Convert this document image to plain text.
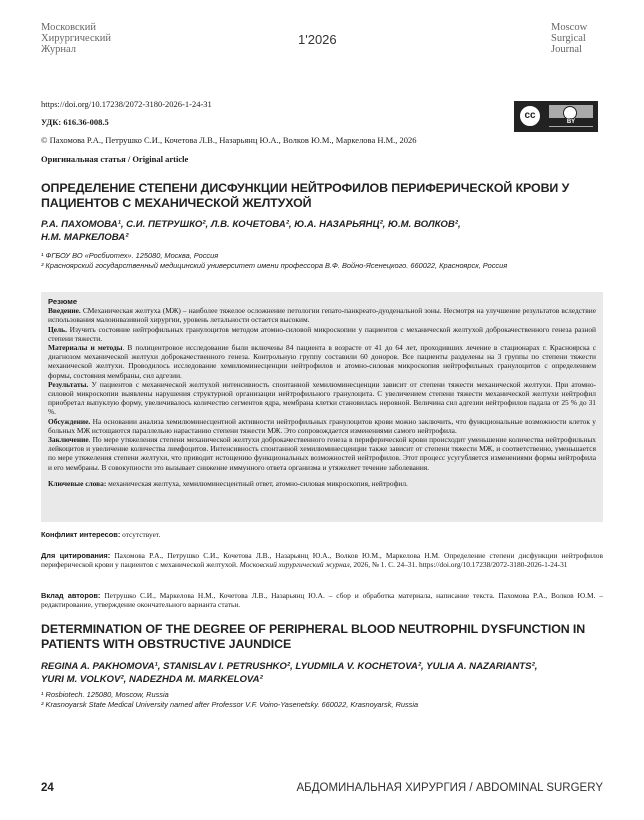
Московский
Хирургический
Журнал
1'2026
Moscow
Surgical
Journal
https://doi.org/10.17238/2072-3180-2026-1-24-31
УДК: 616.36-008.5
© Пахомова Р.А., Петрушко С.И., Кочетова Л.В., Назарьянц Ю.А., Волков Ю.М., Маркелова Н.М., 2026
Оригинальная статья / Original article
cc
BY
ОПРЕДЕЛЕНИЕ СТЕПЕНИ ДИСФУНКЦИИ НЕЙТРОФИЛОВ ПЕРИФЕРИЧЕСКОЙ КРОВИ У ПАЦИЕНТОВ С МЕХАНИЧЕСКОЙ ЖЕЛТУХОЙ
Р.А. ПАХОМОВА¹, С.И. ПЕТРУШКО², Л.В. КОЧЕТОВА², Ю.А. НАЗАРЬЯНЦ², Ю.М. ВОЛКОВ²,
Н.М. МАРКЕЛОВА²
¹ ФГБОУ ВО «Росбиотех». 125080, Москва, Россия
² Красноярский государственный медицинский университет имени профессора В.Ф. Войно-Ясенецкого. 660022, Красноярск, Россия

Резюме

Введение. СМеханическая желтуха (МЖ) – наиболее тяжелое осложнение петологии гепато-панкреато-дуоденальной зоны. Несмотря на улучшение результатов вследствие использования малоинвазивной хирургии, уровень летальности остается высоким.

Цель. Изучить состояние нейтрофильных гранулоцитов методом атомно-силовой микроскопии у пациентов с механической желтухой доброкачественного генеза разной степени тяжести.

Материалы и методы. В полицентровое исследование были включены 84 пациента в возрасте от 41 до 64 лет, проходивших лечение в стационарах г. Красноярска с диагнозом механической желтухи доброкачественного генеза. Контрольную группу составили 60 доноров. Все пациенты разделены на 3 группы по степени тяжести механической желтухи. Проводилось исследование хемилюминесценции нейтрофилов и атомно-силовая микроскопия нейтрофильных гранулоцитов с определением формы, состояния мембраны, сил адгезии.

Результаты. У пациентов с механической желтухой интенсивность спонтанной хемилюминесценции зависит от степени тяжести механической желтухи. При атомно-силовой микроскопии выявлены нарушения структурной организации нейтрофильного гранулоцита. С увеличением степени тяжести механической желтухи нейтрофил приобретал выпуклую форму, увеличивалось количество сегментов ядра, мембрана клетки становилась неровной. Величина сил адгезии нейтрофилов падала от 25 % до 31 %.

Обсуждение. На основании анализа хемилюминесцентной активности нейтрофильных гранулоцитов крови можно заключить, что функциональные возможности клеток у больных МЖ истощаются параллельно нарастанию степени тяжести МЖ. Это сопровождается изменениями самого нейтрофила.

Заключение. По мере утяжеления степени механической желтухи доброкачественного генеза в периферической крови происходит уменьшение количества нейтрофильных лейкоцитов и увеличение количества лимфоцитов. Интенсивность спонтанной хемилюминесценции также зависит от степени тяжести МЖ, и соответственно, уменьшается по мере утяжеления степени желтухи, что приводит истощению функциональных возможностей нейтрофилов. Этот процесс усугубляется изменениями формы нейтрофила и его мембраны. В совокупности это вызывает снижение иммунного ответа организма и утяжеляет течение заболевания.

Ключевые слова: механическая желтуха, хемилюминесцентный ответ, атомно-силовая микроскопия, нейтрофил.

Конфликт интересов: отсутствует.
Для цитирования: Пахомова Р.А., Петрушко С.И., Кочетова Л.В., Назарьянц Ю.А., Волков Ю.М., Маркелова Н.М. Определение степени дисфункции нейтрофилов периферической крови у пациентов с механической желтухой. Московский хирургический журнал, 2026, № 1. С. 24–31. https://doi.org/10.17238/2072-3180-2026-1-24-31
Вклад авторов: Петрушко С.И., Маркелова Н.М., Кочетова Л.В., Назарьянц Ю.А. – сбор и обработка материала, написание текста. Пахомова Р.А., Волков Ю.М. – редактирование, утверждение окончательного варианта статьи.
DETERMINATION OF THE DEGREE OF PERIPHERAL BLOOD NEUTROPHIL DYSFUNCTION IN PATIENTS WITH OBSTRUCTIVE JAUNDICE
REGINA A. PAKHOMOVA¹, STANISLAV I. PETRUSHKO², LYUDMILA V. KOCHETOVA², YULIA A. NAZARIANTS²,
YURI M. VOLKOV², NADEZHDA M. MARKELOVA²
¹ Rosbiotech. 125080, Moscow, Russia
² Krasnoyarsk State Medical University named after Professor V.F. Voino-Yasenetsky. 660022, Krasnoyarsk, Russia
24	АБДОМИНАЛЬНАЯ ХИРУРГИЯ / ABDOMINAL SURGERY
